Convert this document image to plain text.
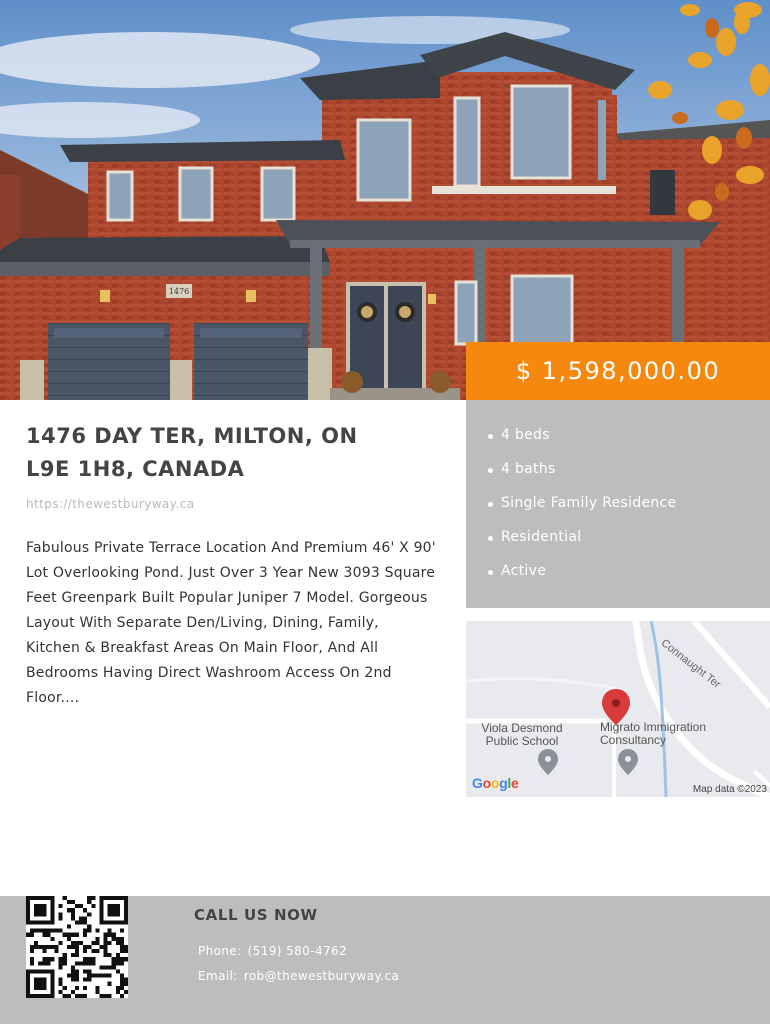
1476
$ 1,598,000.00
1476 DAY TER, MILTON, ON
L9E 1H8, CANADA
https://thewestburyway.ca

Fabulous Private Terrace Location And Premium 46' X 90' Lot Overlooking Pond. Just Over 3 Year New 3093 Square Feet Greenpark Built Popular Juniper 7 Model. Gorgeous Layout With Separate Den/Living, Dining, Family, Kitchen & Breakfast Areas On Main Floor, And All Bedrooms Having Direct Washroom Access On 2nd Floor....

4 beds
4 baths
Single Family Residence
Residential
Active
Connaught Ter
Viola Desmond
Public School
Migrato Immigration
Consultancy
Google	Map data ©2023
CALL US NOW
Phone: (519) 580-4762
Email: rob@thewestburyway.ca
